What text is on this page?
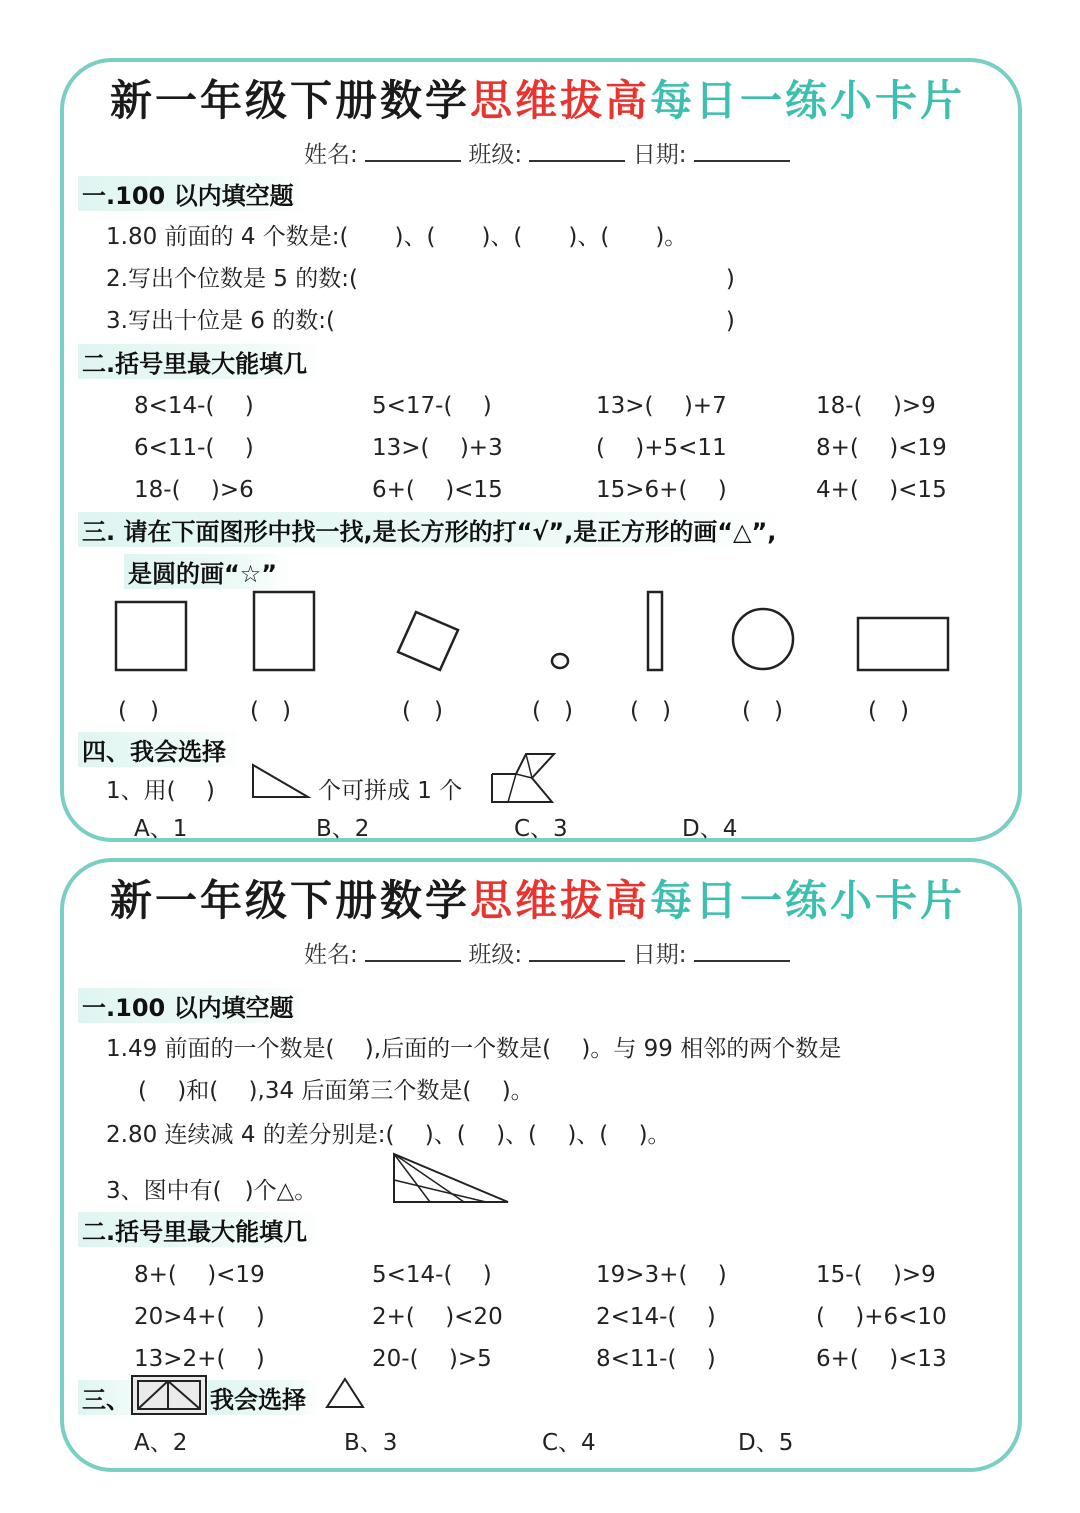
新一年级下册数学思维拔高每日一练小卡片
姓名:	班级:	日期:
一.100 以内填空题
1.80 前面的 4 个数是:(　　)、(　　)、(　　)、(　　)。
2.写出个位数是 5 的数:(　　　　　　　　　　　　　　　　)
3.写出十位是 6 的数:(　　　　　　　　　　　　　　　　　)
二.括号里最大能填几
8<14-(　 )	5<17-(　 )	13>(　 )+7	18-(　 )>9
6<11-(　 )	13>(　 )+3	(　 )+5<11	8+(　 )<19
18-(　 )>6	6+(　 )<15	15>6+(　 )	4+(　 )<15
三. 请在下面图形中找一找,是长方形的打“√”,是正方形的画“△”,
是圆的画“☆”
(　)	(　)	(　)	(　) (　)	(　)	(　)
四、我会选择
1、用(　 )	个可拼成 1 个
A、1	B、2	C、3	D、4
新一年级下册数学思维拔高每日一练小卡片
姓名:	班级:	日期:
一.100 以内填空题
1.49 前面的一个数是(　 ),后面的一个数是(　 )。与 99 相邻的两个数是
(　 )和(　 ),34 后面第三个数是(　 )。
2.80 连续减 4 的差分别是:(　 )、(　 )、(　 )、(　 )。
3、图中有(　)个△。
二.括号里最大能填几
8+(　 )<19	5<14-(　 )	19>3+(　 )	15-(　 )>9
20>4+(　 )	2+(　 )<20	2<14-(　 )	(　 )+6<10
13>2+(　 )	20-(　 )>5	8<11-(　 )	6+(　 )<13
三、	我会选择
A、2	B、3	C、4	D、5
